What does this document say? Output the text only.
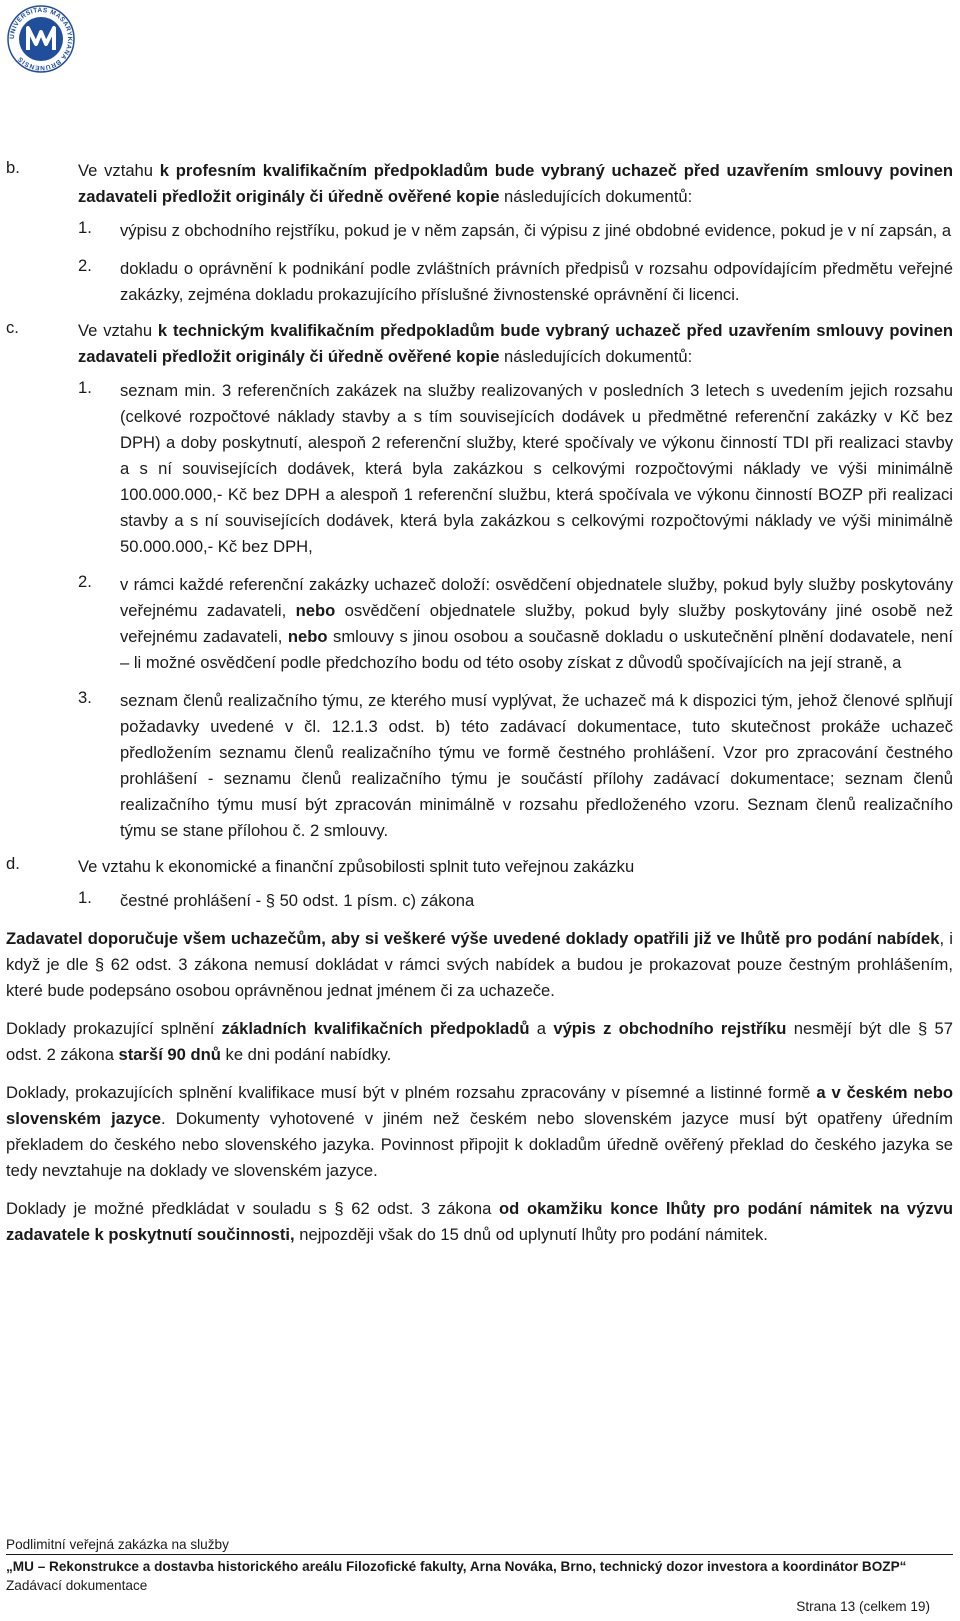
UNIVERSITAS MASARYKIANA BRUNENSIS
b.	Ve vztahu k profesním kvalifikačním předpokladům bude vybraný uchazeč před uzavřením smlouvy povinen zadavateli předložit originály či úředně ověřené kopie následujících dokumentů:

1. výpisu z obchodního rejstříku, pokud je v něm zapsán, či výpisu z jiné obdobné evidence, pokud je v ní zapsán, a

2. dokladu o oprávnění k podnikání podle zvláštních právních předpisů v rozsahu odpovídajícím předmětu veřejné zakázky, zejména dokladu prokazujícího příslušné živnostenské oprávnění či licenci.

c.	Ve vztahu k technickým kvalifikačním předpokladům bude vybraný uchazeč před uzavřením smlouvy povinen zadavateli předložit originály či úředně ověřené kopie následujících dokumentů:

1. seznam min. 3 referenčních zakázek na služby realizovaných v posledních 3 letech s uvedením jejich rozsahu (celkové rozpočtové náklady stavby a s tím souvisejících dodávek u předmětné referenční zakázky v Kč bez DPH) a doby poskytnutí, alespoň 2 referenční služby, které spočívaly ve výkonu činností TDI při realizaci stavby a s ní souvisejících dodávek, která byla zakázkou s celkovými rozpočtovými náklady ve výši minimálně 100.000.000,- Kč bez DPH a alespoň 1 referenční službu, která spočívala ve výkonu činností BOZP při realizaci stavby a s ní souvisejících dodávek, která byla zakázkou s celkovými rozpočtovými náklady ve výši minimálně 50.000.000,- Kč bez DPH,

2. v rámci každé referenční zakázky uchazeč doloží: osvědčení objednatele služby, pokud byly služby poskytovány veřejnému zadavateli, nebo osvědčení objednatele služby, pokud byly služby poskytovány jiné osobě než veřejnému zadavateli, nebo smlouvy s jinou osobou a současně dokladu o uskutečnění plnění dodavatele, není – li možné osvědčení podle předchozího bodu od této osoby získat z důvodů spočívajících na její straně, a

3. seznam členů realizačního týmu, ze kterého musí vyplývat, že uchazeč má k dispozici tým, jehož členové splňují požadavky uvedené v čl. 12.1.3 odst. b) této zadávací dokumentace, tuto skutečnost prokáže uchazeč předložením seznamu členů realizačního týmu ve formě čestného prohlášení. Vzor pro zpracování čestného prohlášení - seznamu členů realizačního týmu je součástí přílohy zadávací dokumentace; seznam členů realizačního týmu musí být zpracován minimálně v rozsahu předloženého vzoru. Seznam členů realizačního týmu se stane přílohou č. 2 smlouvy.

d.	Ve vztahu k ekonomické a finanční způsobilosti splnit tuto veřejnou zakázku

1. čestné prohlášení - § 50 odst. 1 písm. c) zákona

Zadavatel doporučuje všem uchazečům, aby si veškeré výše uvedené doklady opatřili již ve lhůtě pro podání nabídek, i když je dle § 62 odst. 3 zákona nemusí dokládat v rámci svých nabídek a budou je prokazovat pouze čestným prohlášením, které bude podepsáno osobou oprávněnou jednat jménem či za uchazeče.

Doklady prokazující splnění základních kvalifikačních předpokladů a výpis z obchodního rejstříku nesmějí být dle § 57 odst. 2 zákona starší 90 dnů ke dni podání nabídky.

Doklady, prokazujících splnění kvalifikace musí být v plném rozsahu zpracovány v písemné a listinné formě a v českém nebo slovenském jazyce. Dokumenty vyhotovené v jiném než českém nebo slovenském jazyce musí být opatřeny úředním překladem do českého nebo slovenského jazyka. Povinnost připojit k dokladům úředně ověřený překlad do českého jazyka se tedy nevztahuje na doklady ve slovenském jazyce.

Doklady je možné předkládat v souladu s § 62 odst. 3 zákona od okamžiku konce lhůty pro podání námitek na výzvu zadavatele k poskytnutí součinnosti, nejpozději však do 15 dnů od uplynutí lhůty pro podání námitek.

Podlimitní veřejná zakázka na služby
„MU – Rekonstrukce a dostavba historického areálu Filozofické fakulty, Arna Nováka, Brno, technický dozor investora a koordinátor BOZP“
Zadávací dokumentace
Strana 13 (celkem 19)
